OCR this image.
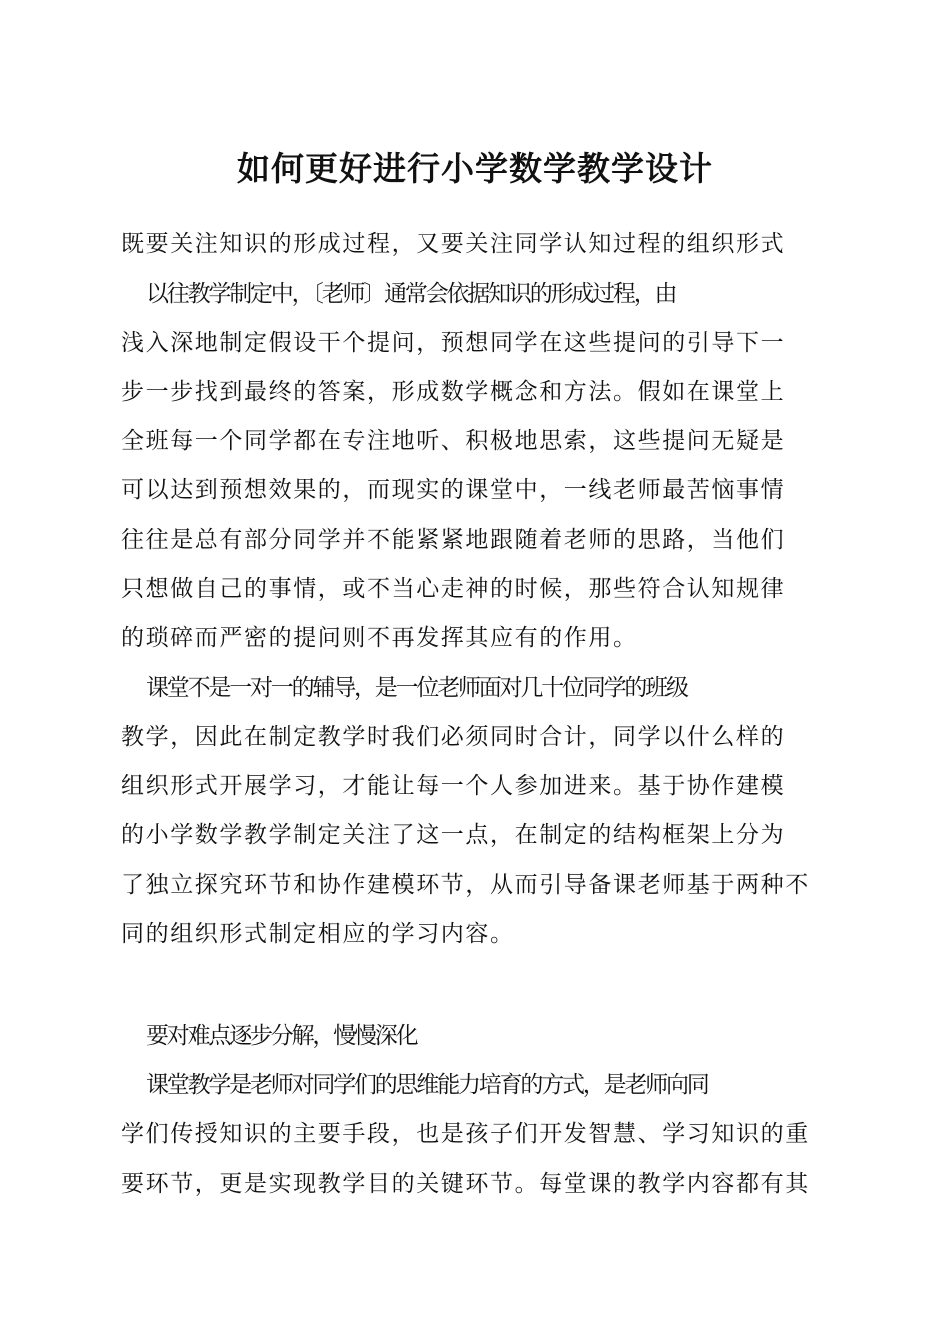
如何更好进行小学数学教学设计

既要关注知识的形成过程，又要关注同学认知过程的组织形式

以往教学制定中，〔老师〕通常会依据知识的形成过程，由

浅入深地制定假设干个提问，预想同学在这些提问的引导下一

步一步找到最终的答案，形成数学概念和方法。假如在课堂上

全班每一个同学都在专注地听、积极地思索，这些提问无疑是

可以达到预想效果的，而现实的课堂中，一线老师最苦恼事情

往往是总有部分同学并不能紧紧地跟随着老师的思路，当他们

只想做自己的事情，或不当心走神的时候，那些符合认知规律

的琐碎而严密的提问则不再发挥其应有的作用。

课堂不是一对一的辅导，是一位老师面对几十位同学的班级

教学，因此在制定教学时我们必须同时合计，同学以什么样的

组织形式开展学习，才能让每一个人参加进来。基于协作建模

的小学数学教学制定关注了这一点，在制定的结构框架上分为

了独立探究环节和协作建模环节，从而引导备课老师基于两种不

同的组织形式制定相应的学习内容。

要对难点逐步分解，慢慢深化

课堂教学是老师对同学们的思维能力培育的方式，是老师向同

学们传授知识的主要手段，也是孩子们开发智慧、学习知识的重

要环节，更是实现教学目的关键环节。每堂课的教学内容都有其
